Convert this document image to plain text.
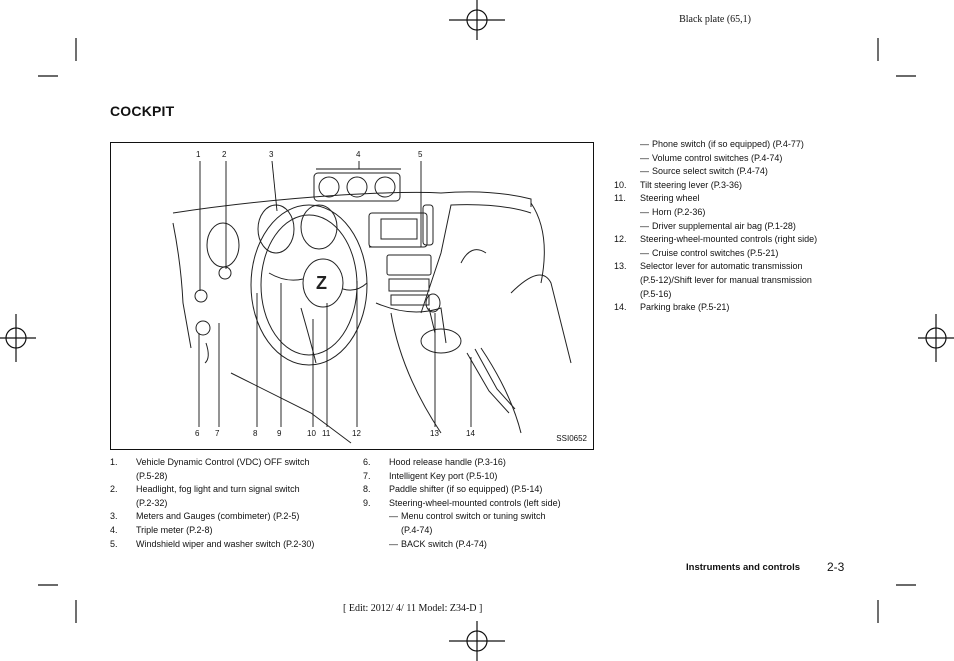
Black plate (65,1)
COCKPIT
Z
1	2	3	4	5
6 7	8 9	10 11	12	13	14
SSI0652
1. Vehicle Dynamic Control (VDC) OFF switch
(P.5-28)
2. Headlight, fog light and turn signal switch
(P.2-32)
3. Meters and Gauges (combimeter) (P.2-5)
4. Triple meter (P.2-8)
5. Windshield wiper and washer switch (P.2-30)
6. Hood release handle (P.3-16)
7. Intelligent Key port (P.5-10)
8. Paddle shifter (if so equipped) (P.5-14)
9. Steering-wheel-mounted controls (left side)
— Menu control switch or tuning switch
(P.4-74)
— BACK switch (P.4-74)
— Phone switch (if so equipped) (P.4-77)
— Volume control switches (P.4-74)
— Source select switch (P.4-74)
10. Tilt steering lever (P.3-36)
11. Steering wheel
— Horn (P.2-36)
— Driver supplemental air bag (P.1-28)
12. Steering-wheel-mounted controls (right side)
— Cruise control switches (P.5-21)
13. Selector lever for automatic transmission
(P.5-12)/Shift lever for manual transmission
(P.5-16)
14. Parking brake (P.5-21)
Instruments and controls 2-3
[ Edit: 2012/ 4/ 11 Model: Z34-D ]
